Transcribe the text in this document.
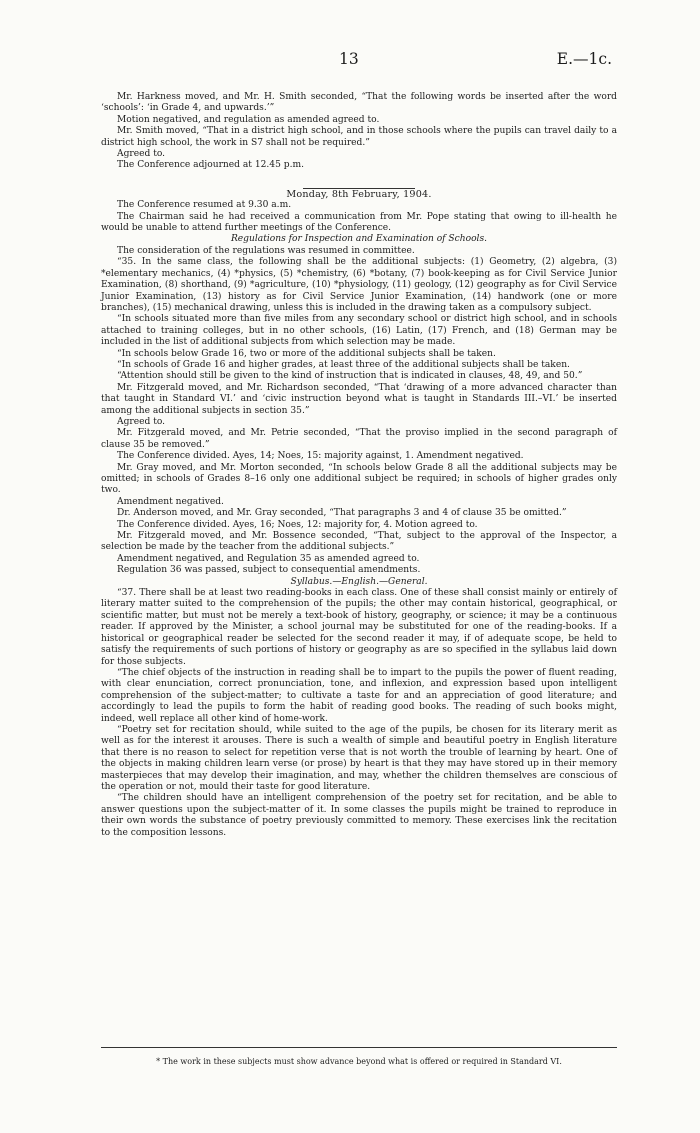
13	E.—1c.

Mr. Harkness moved, and Mr. H. Smith seconded, “That the following words be inserted after the word ‘schools’: ‘in Grade 4, and upwards.’”

Motion negatived, and regulation as amended agreed to.

Mr. Smith moved, “That in a district high school, and in those schools where the pupils can travel daily to a district high school, the work in S7 shall not be required.”

Agreed to.

The Conference adjourned at 12.45 p.m.

Monday, 8th February, 1904.

The Conference resumed at 9.30 a.m.

The Chairman said he had received a communication from Mr. Pope stating that owing to ill-health he would be unable to attend further meetings of the Conference.

Regulations for Inspection and Examination of Schools.

The consideration of the regulations was resumed in committee.

“35. In the same class, the following shall be the additional subjects: (1) Geometry, (2) algebra, (3) *elementary mechanics, (4) *physics, (5) *chemistry, (6) *botany, (7) book-keeping as for Civil Service Junior Examination, (8) shorthand, (9) *agriculture, (10) *physiology, (11) geology, (12) geography as for Civil Service Junior Examination, (13) history as for Civil Service Junior Examination, (14) handwork (one or more branches), (15) mechanical drawing, unless this is included in the drawing taken as a compulsory subject.

“In schools situated more than five miles from any secondary school or district high school, and in schools attached to training colleges, but in no other schools, (16) Latin, (17) French, and (18) German may be included in the list of additional subjects from which selection may be made.

“In schools below Grade 16, two or more of the additional subjects shall be taken.

“In schools of Grade 16 and higher grades, at least three of the additional subjects shall be taken.

“Attention should still be given to the kind of instruction that is indicated in clauses, 48, 49, and 50.”

Mr. Fitzgerald moved, and Mr. Richardson seconded, “That ‘drawing of a more advanced character than that taught in Standard VI.’ and ‘civic instruction beyond what is taught in Standards III.–VI.’ be inserted among the additional subjects in section 35.”

Agreed to.

Mr. Fitzgerald moved, and Mr. Petrie seconded, “That the proviso implied in the second paragraph of clause 35 be removed.”

The Conference divided. Ayes, 14; Noes, 15: majority against, 1. Amendment negatived.

Mr. Gray moved, and Mr. Morton seconded, “In schools below Grade 8 all the additional subjects may be omitted; in schools of Grades 8–16 only one additional subject be required; in schools of higher grades only two.

Amendment negatived.

Dr. Anderson moved, and Mr. Gray seconded, “That paragraphs 3 and 4 of clause 35 be omitted.”

The Conference divided. Ayes, 16; Noes, 12: majority for, 4. Motion agreed to.

Mr. Fitzgerald moved, and Mr. Bossence seconded, “That, subject to the approval of the Inspector, a selection be made by the teacher from the additional subjects.”

Amendment negatived, and Regulation 35 as amended agreed to.

Regulation 36 was passed, subject to consequential amendments.

Syllabus.—English.—General.

“37. There shall be at least two reading-books in each class. One of these shall consist mainly or entirely of literary matter suited to the comprehension of the pupils; the other may contain historical, geographical, or scientific matter, but must not be merely a text-book of history, geography, or science; it may be a continuous reader. If approved by the Minister, a school journal may be substituted for one of the reading-books. If a historical or geographical reader be selected for the second reader it may, if of adequate scope, be held to satisfy the requirements of such portions of history or geography as are so specified in the syllabus laid down for those subjects.

“The chief objects of the instruction in reading shall be to impart to the pupils the power of fluent reading, with clear enunciation, correct pronunciation, tone, and inflexion, and expression based upon intelligent comprehension of the subject-matter; to cultivate a taste for and an appreciation of good literature; and accordingly to lead the pupils to form the habit of reading good books. The reading of such books might, indeed, well replace all other kind of home-work.

“Poetry set for recitation should, while suited to the age of the pupils, be chosen for its literary merit as well as for the interest it arouses. There is such a wealth of simple and beautiful poetry in English literature that there is no reason to select for repetition verse that is not worth the trouble of learning by heart. One of the objects in making children learn verse (or prose) by heart is that they may have stored up in their memory masterpieces that may develop their imagination, and may, whether the children themselves are conscious of the operation or not, mould their taste for good literature.

“The children should have an intelligent comprehension of the poetry set for recitation, and be able to answer questions upon the subject-matter of it. In some classes the pupils might be trained to reproduce in their own words the substance of poetry previously committed to memory. These exercises link the recitation to the composition lessons.

* The work in these subjects must show advance beyond what is offered or required in Standard VI.
